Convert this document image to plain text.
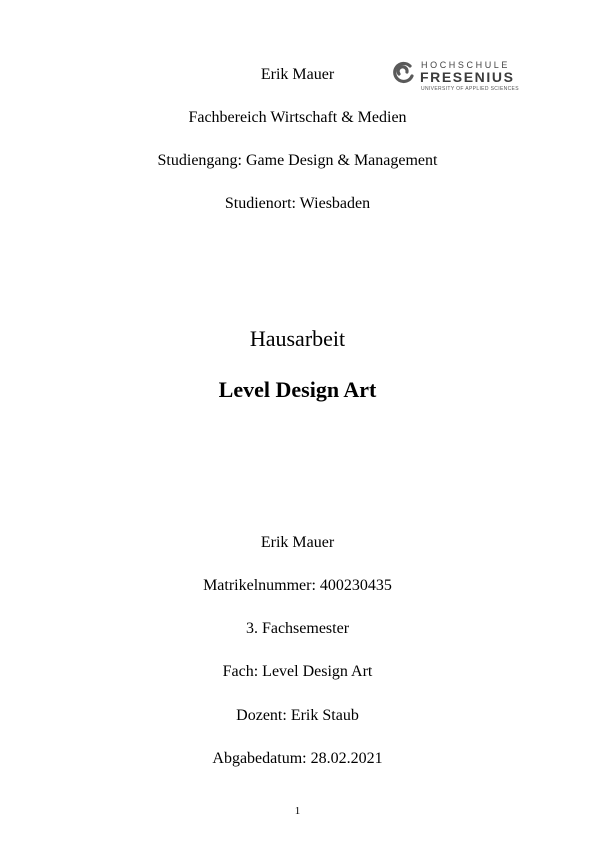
Erik Mauer
HOCHSCHULE
FRESENIUS
UNIVERSITY OF APPLIED SCIENCES
Fachbereich Wirtschaft & Medien
Studiengang: Game Design & Management
Studienort: Wiesbaden
Hausarbeit
Level Design Art
Erik Mauer
Matrikelnummer: 400230435
3. Fachsemester
Fach: Level Design Art
Dozent: Erik Staub
Abgabedatum: 28.02.2021
1
